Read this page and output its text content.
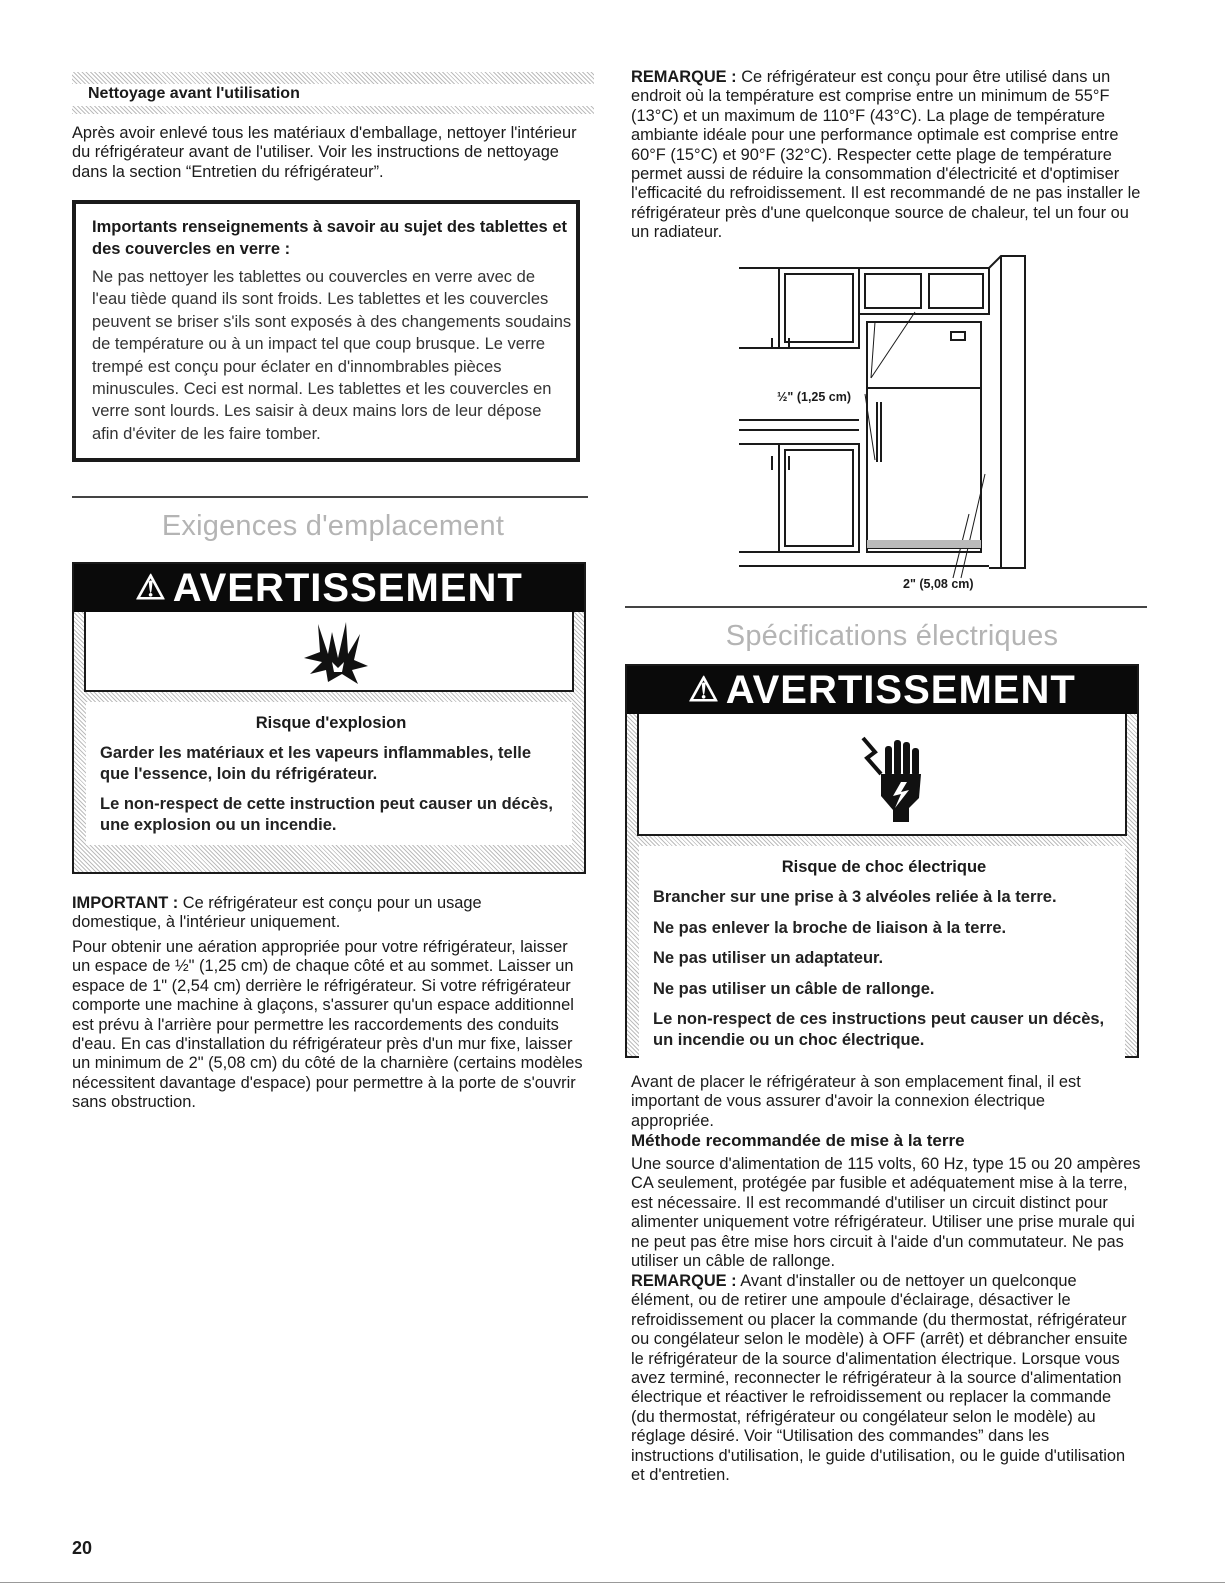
Nettoyage avant l'utilisation

Après avoir enlevé tous les matériaux d'emballage, nettoyer l'intérieur du réfrigérateur avant de l'utiliser. Voir les instructions de nettoyage dans la section “Entretien du réfrigérateur”.

Importants renseignements à savoir au sujet des tablettes et des couvercles en verre :

Ne pas nettoyer les tablettes ou couvercles en verre avec de l'eau tiède quand ils sont froids. Les tablettes et les couvercles peuvent se briser s'ils sont exposés à des changements soudains de température ou à un impact tel que coup brusque. Le verre trempé est conçu pour éclater en d'innombrables pièces minuscules. Ceci est normal. Les tablettes et les couvercles en verre sont lourds. Les saisir à deux mains lors de leur dépose afin d'éviter de les faire tomber.

Exigences d'emplacement
⚠ AVERTISSEMENT

Risque d'explosion

Garder les matériaux et les vapeurs inflammables, telle que l'essence, loin du réfrigérateur.

Le non-respect de cette instruction peut causer un décès, une explosion ou un incendie.

IMPORTANT : Ce réfrigérateur est conçu pour un usage domestique, à l'intérieur uniquement.

Pour obtenir une aération appropriée pour votre réfrigérateur, laisser un espace de ½" (1,25 cm) de chaque côté et au sommet. Laisser un espace de 1" (2,54 cm) derrière le réfrigérateur. Si votre réfrigérateur comporte une machine à glaçons, s'assurer qu'un espace additionnel est prévu à l'arrière pour permettre les raccordements des conduits d'eau. En cas d'installation du réfrigérateur près d'un mur fixe, laisser un minimum de 2" (5,08 cm) du côté de la charnière (certains modèles nécessitent davantage d'espace) pour permettre à la porte de s'ouvrir sans obstruction.

REMARQUE : Ce réfrigérateur est conçu pour être utilisé dans un endroit où la température est comprise entre un minimum de 55°F (13°C) et un maximum de 110°F (43°C). La plage de température ambiante idéale pour une performance optimale est comprise entre 60°F (15°C) et 90°F (32°C). Respecter cette plage de température permet aussi de réduire la consommation d'électricité et d'optimiser l'efficacité du refroidissement. Il est recommandé de ne pas installer le réfrigérateur près d'une quelconque source de chaleur, tel un four ou un radiateur.

½" (1,25 cm)
2" (5,08 cm)
Spécifications électriques
⚠ AVERTISSEMENT

Risque de choc électrique

Brancher sur une prise à 3 alvéoles reliée à la terre.

Ne pas enlever la broche de liaison à la terre.

Ne pas utiliser un adaptateur.

Ne pas utiliser un câble de rallonge.

Le non-respect de ces instructions peut causer un décès, un incendie ou un choc électrique.

Avant de placer le réfrigérateur à son emplacement final, il est important de vous assurer d'avoir la connexion électrique appropriée.

Méthode recommandée de mise à la terre

Une source d'alimentation de 115 volts, 60 Hz, type 15 ou 20 ampères CA seulement, protégée par fusible et adéquatement mise à la terre, est nécessaire. Il est recommandé d'utiliser un circuit distinct pour alimenter uniquement votre réfrigérateur. Utiliser une prise murale qui ne peut pas être mise hors circuit à l'aide d'un commutateur. Ne pas utiliser un câble de rallonge.

REMARQUE : Avant d'installer ou de nettoyer un quelconque élément, ou de retirer une ampoule d'éclairage, désactiver le refroidissement ou placer la commande (du thermostat, réfrigérateur ou congélateur selon le modèle) à OFF (arrêt) et débrancher ensuite le réfrigérateur de la source d'alimentation électrique. Lorsque vous avez terminé, reconnecter le réfrigérateur à la source d'alimentation électrique et réactiver le refroidissement ou replacer la commande (du thermostat, réfrigérateur ou congélateur selon le modèle) au réglage désiré. Voir “Utilisation des commandes” dans les instructions d'utilisation, le guide d'utilisation, ou le guide d'utilisation et d'entretien.

20
